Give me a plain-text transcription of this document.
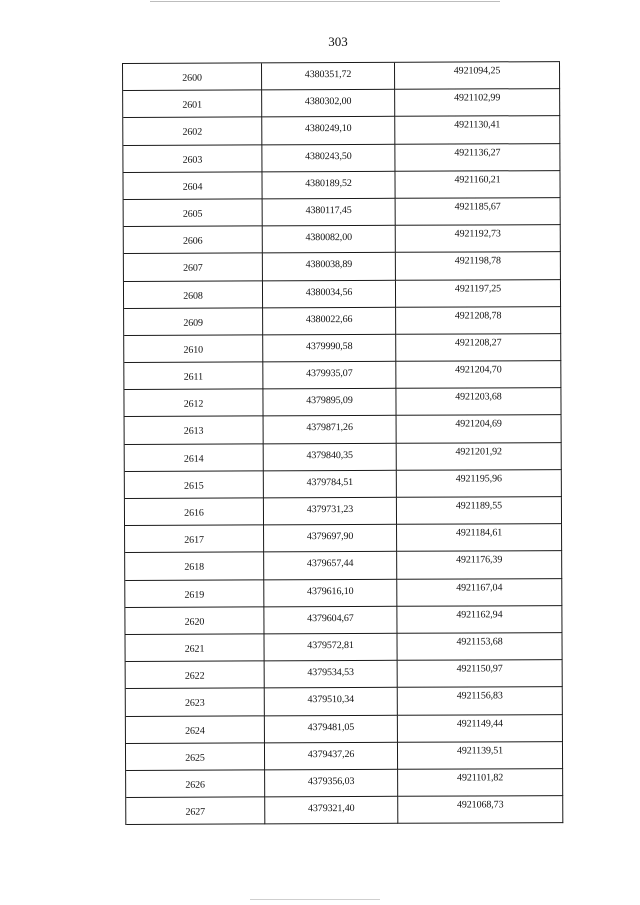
303
2600	4380351,72	4921094,25
2601	4380302,00	4921102,99
2602	4380249,10	4921130,41
2603	4380243,50	4921136,27
2604	4380189,52	4921160,21
2605	4380117,45	4921185,67
2606	4380082,00	4921192,73
2607	4380038,89	4921198,78
2608	4380034,56	4921197,25
2609	4380022,66	4921208,78
2610	4379990,58	4921208,27
2611	4379935,07	4921204,70
2612	4379895,09	4921203,68
2613	4379871,26	4921204,69
2614	4379840,35	4921201,92
2615	4379784,51	4921195,96
2616	4379731,23	4921189,55
2617	4379697,90	4921184,61
2618	4379657,44	4921176,39
2619	4379616,10	4921167,04
2620	4379604,67	4921162,94
2621	4379572,81	4921153,68
2622	4379534,53	4921150,97
2623	4379510,34	4921156,83
2624	4379481,05	4921149,44
2625	4379437,26	4921139,51
2626	4379356,03	4921101,82
2627	4379321,40	4921068,73
